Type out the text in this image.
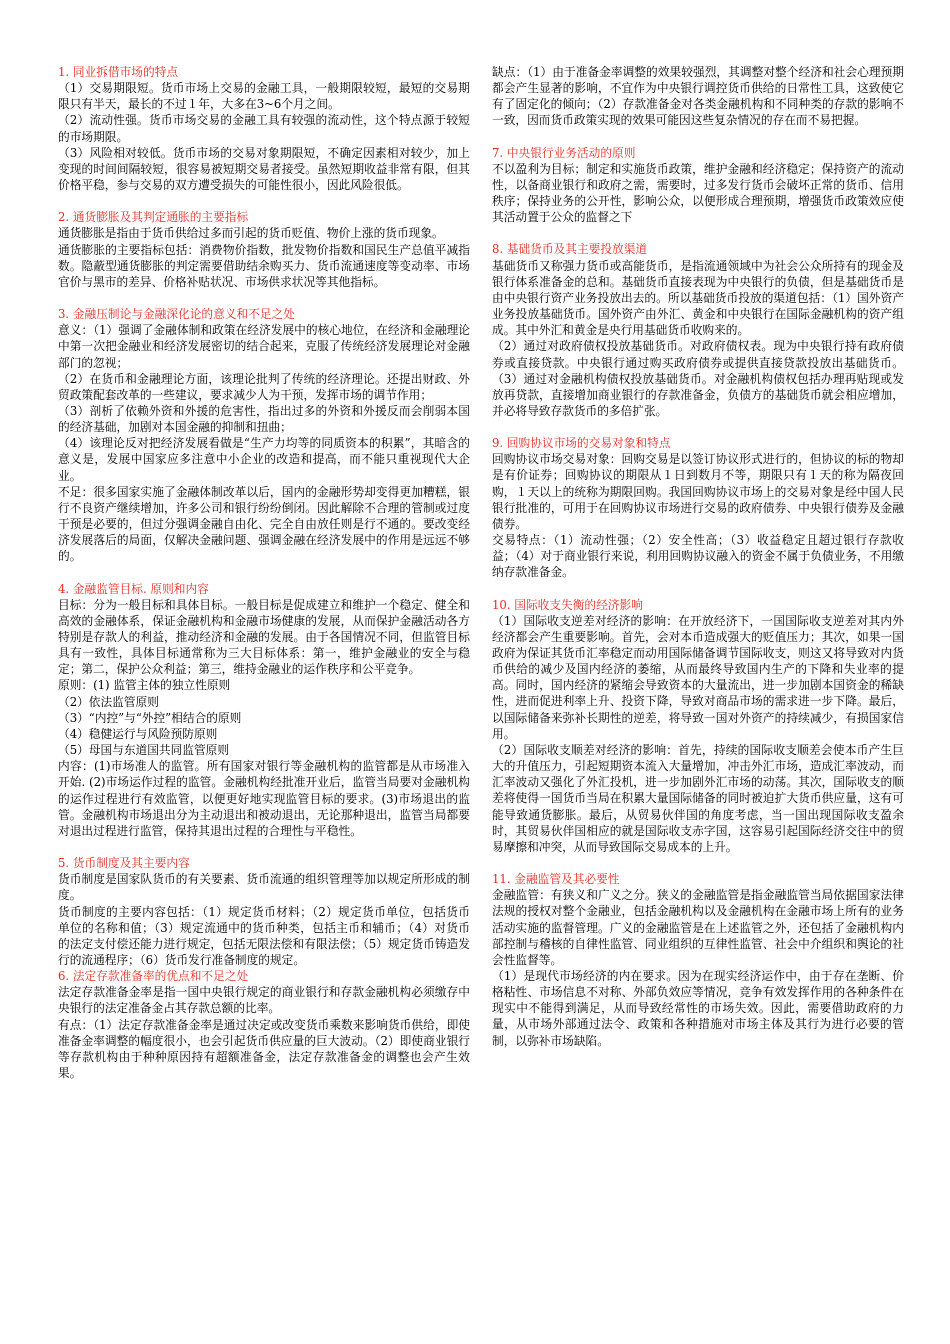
1. 同业拆借市场的特点
（1）交易期限短。货币市场上交易的金融工具，一般期限较短，最短的交易期限只有半天，最长的不过１年，大多在3~6个月之间。
（2）流动性强。货币市场交易的金融工具有较强的流动性，这个特点源于较短的市场期限。
（3）风险相对较低。货币市场的交易对象期限短，不确定因素相对较少，加上变现的时间间隔较短，很容易被短期交易者接受。虽然短期收益非常有限，但其价格平稳，参与交易的双方遭受损失的可能性很小，因此风险很低。
2. 通货膨胀及其判定通胀的主要指标
通货膨胀是指由于货币供给过多而引起的货币贬值、物价上涨的货币现象。
通货膨胀的主要指标包括：消费物价指数，批发物价指数和国民生产总值平减指数。隐蔽型通货膨胀的判定需要借助结余购买力、货币流通速度等变动率、市场官价与黑市的差异、价格补贴状况、市场供求状况等其他指标。
3. 金融压制论与金融深化论的意义和不足之处
意义：（1）强调了金融体制和政策在经济发展中的核心地位，在经济和金融理论中第一次把金融业和经济发展密切的结合起来，克服了传统经济发展理论对金融部门的忽视；
（2）在货币和金融理论方面，该理论批判了传统的经济理论。还提出财政、外贸政策配套改革的一些建议，要求减少人为干预，发挥市场的调节作用；
（3）剖析了依赖外资和外援的危害性，指出过多的外资和外援反而会削弱本国的经济基础，加剧对本国金融的抑制和扭曲；
（4）该理论反对把经济发展看做是“生产力均等的同质资本的积累”，其暗含的意义是，发展中国家应多注意中小企业的改造和提高，而不能只重视现代大企业。
不足：很多国家实施了金融体制改革以后，国内的金融形势却变得更加糟糕，银行不良资产继续增加，许多公司和银行纷纷倒闭。因此解除不合理的管制或过度干预是必要的，但过分强调金融自由化、完全自由放任则是行不通的。要改变经济发展落后的局面，仅解决金融问题、强调金融在经济发展中的作用是远远不够的。
4. 金融监管目标. 原则和内容
目标：分为一般目标和具体目标。一般目标是促成建立和维护一个稳定、健全和高效的金融体系，保证金融机构和金融市场健康的发展，从而保护金融活动各方特别是存款人的利益，推动经济和金融的发展。由于各国情况不同，但监管目标具有一致性，具体目标通常称为三大目标体系：第一，维护金融业的安全与稳定；第二，保护公众利益；第三，维持金融业的运作秩序和公平竞争。
原则：(1) 监管主体的独立性原则
（2）依法监管原则
（3）“内控”与“外控”相结合的原则
（4）稳健运行与风险预防原则
（5）母国与东道国共同监管原则
内容：(1)市场准人的监管。所有国家对银行等金融机构的监管都是从市场准入开始. (2)市场运作过程的监管。金融机构经批准开业后，监管当局要对金融机构的运作过程进行有效监管，以便更好地实现监管目标的要求。(3)市场退出的监管。金融机构市场退出分为主动退出和被动退出，无论那种退出，监管当局都要对退出过程进行监管，保持其退出过程的合理性与平稳性。
5. 货币制度及其主要内容
货币制度是国家队货币的有关要素、货币流通的组织管理等加以规定所形成的制度。
货币制度的主要内容包括：（1）规定货币材料；（2）规定货币单位，包括货币单位的名称和值；（3）规定流通中的货币种类，包括主币和辅币；（4）对货币的法定支付偿还能力进行规定，包括无限法偿和有限法偿；（5）规定货币铸造发行的流通程序；（6）货币发行准备制度的规定。
6. 法定存款准备率的优点和不足之处
法定存款准备金率是指一国中央银行规定的商业银行和存款金融机构必须缴存中央银行的法定准备金占其存款总额的比率。
有点：（1）法定存款准备金率是通过决定或改变货币乘数来影响货币供给，即使准备金率调整的幅度很小，也会引起货币供应量的巨大波动。（2）即使商业银行等存款机构由于种种原因持有超额准备金，法定存款准备金的调整也会产生效果。
缺点：（1）由于准备金率调整的效果较强烈，其调整对整个经济和社会心理预期都会产生显著的影响，不宜作为中央银行调控货币供给的日常性工具，这致使它有了固定化的倾向；（2）存款准备金对各类金融机构和不同种类的存款的影响不一致，因而货币政策实现的效果可能因这些复杂情况的存在而不易把握。
7. 中央银行业务活动的原则
不以盈利为目标；制定和实施货币政策，维护金融和经济稳定；保持资产的流动性，以备商业银行和政府之需，需要时，过多发行货币会破坏正常的货币、信用秩序；保持业务的公开性，影响公众，以便形成合理预期，增强货币政策效应使其活动置于公众的监督之下
8. 基础货币及其主要投放渠道
基础货币又称强力货币或高能货币，是指流通领域中为社会公众所持有的现金及银行体系准备金的总和。基础货币直接表现为中央银行的负债，但是基础货币是由中央银行资产业务投放出去的。所以基础货币投放的渠道包括：（1）国外资产业务投放基础货币。国外资产由外汇、黄金和中央银行在国际金融机构的资产组成。其中外汇和黄金是央行用基础货币收购来的。
（2）通过对政府债权投放基础货币。对政府债权表。现为中央银行持有政府债券或直接贷款。中央银行通过购买政府债券或提供直接贷款投放出基础货币。（3）通过对金融机构债权投放基础货币。对金融机构债权包括办理再贴现或发放再贷款，直接增加商业银行的存款准备金，负债方的基础货币就会相应增加，并必将导致存款货币的多倍扩张。
9. 回购协议市场的交易对象和特点
回购协议市场交易对象：回购交易是以签订协议形式进行的，但协议的标的物却是有价证券；回购协议的期限从１日到数月不等，期限只有１天的称为隔夜回购，１天以上的统称为期限回购。我国回购协议市场上的交易对象是经中国人民银行批准的，可用于在回购协议市场进行交易的政府债券、中央银行债券及金融债券。
交易特点：（1）流动性强；（2）安全性高；（3）收益稳定且超过银行存款收益；（4）对于商业银行来说，利用回购协议融入的资金不属于负债业务，不用缴纳存款准备金。
10. 国际收支失衡的经济影响
（1）国际收支逆差对经济的影响：在开放经济下，一国国际收支逆差对其内外经济都会产生重要影响。首先，会对本币造成强大的贬值压力；其次，如果一国政府为保证其货币汇率稳定而动用国际储备调节国际收支，则这又将导致对内货币供给的减少及国内经济的萎缩，从而最终导致国内生产的下降和失业率的提高。同时，国内经济的紧缩会导致资本的大量流出，进一步加剧本国资金的稀缺性，进而促进利率上升、投资下降，导致对商品市场的需求进一步下降。最后，以国际储备来弥补长期性的逆差，将导致一国对外资产的持续减少，有损国家信用。
（2）国际收支顺差对经济的影响：首先，持续的国际收支顺差会使本币产生巨大的升值压力，引起短期资本流入大量增加，冲击外汇市场，造成汇率波动，而汇率波动又强化了外汇投机，进一步加剧外汇市场的动荡。其次，国际收支的顺差将使得一国货币当局在积累大量国际储备的同时被迫扩大货币供应量，这有可能导致通货膨胀。最后，从贸易伙伴国的角度考虑，当一国出现国际收支盈余时，其贸易伙伴国相应的就是国际收支赤字国，这容易引起国际经济交往中的贸易摩擦和冲突，从而导致国际交易成本的上升。
11. 金融监管及其必要性
金融监管：有狭义和广义之分。狭义的金融监管是指金融监管当局依据国家法律法规的授权对整个金融业，包括金融机构以及金融机构在金融市场上所有的业务活动实施的监督管理。广义的金融监管是在上述监管之外，还包括了金融机构内部控制与稽核的自律性监管、同业组织的互律性监管、社会中介组织和舆论的社会性监督等。
（1）是现代市场经济的内在要求。因为在现实经济运作中，由于存在垄断、价格粘性、市场信息不对称、外部负效应等情况，竞争有效发挥作用的各种条件在现实中不能得到满足，从而导致经常性的市场失效。因此，需要借助政府的力量，从市场外部通过法令、政策和各种措施对市场主体及其行为进行必要的管制，以弥补市场缺陷。
